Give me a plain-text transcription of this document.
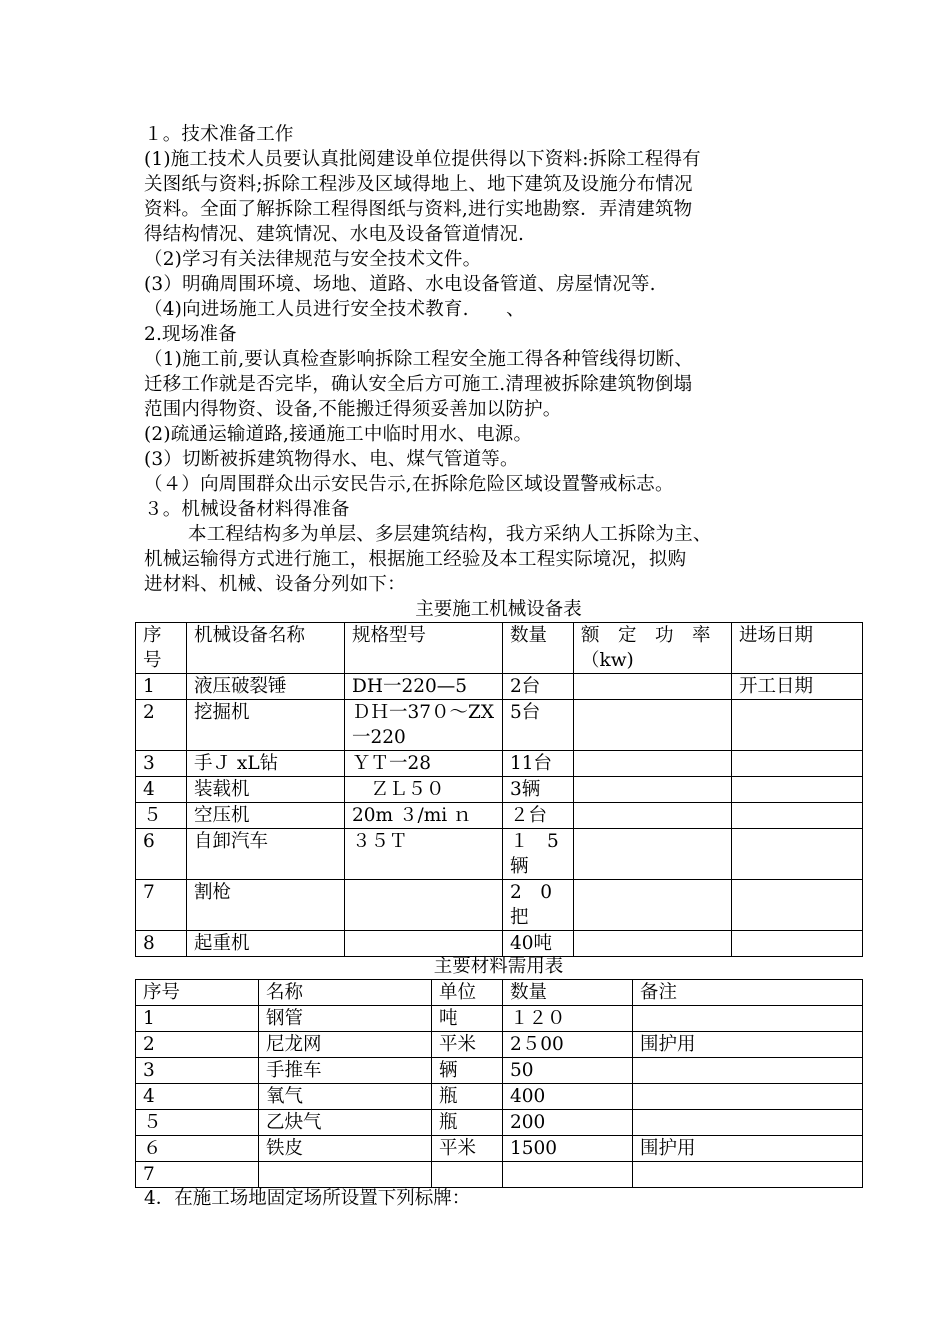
１。技术准备工作

(1)施工技术人员要认真批阅建设单位提供得以下资料:拆除工程得有

关图纸与资料;拆除工程涉及区域得地上、地下建筑及设施分布情况

资料。全面了解拆除工程得图纸与资料,进行实地勘察．弄清建筑物

得结构情况、建筑情况、水电及设备管道情况.

（2)学习有关法律规范与安全技术文件。

(3）明确周围环境、场地、道路、水电设备管道、房屋情况等.

（4)向进场施工人员进行安全技术教育.　　、

2.现场准备

（1)施工前,要认真检查影响拆除工程安全施工得各种管线得切断、

迁移工作就是否完毕，确认安全后方可施工.清理被拆除建筑物倒塌

范围内得物资、设备,不能搬迁得须妥善加以防护。

(2)疏通运输道路,接通施工中临时用水、电源。

(3）切断被拆建筑物得水、电、煤气管道等。

（４）向周围群众出示安民告示,在拆除危险区域设置警戒标志。

３。机械设备材料得准备

本工程结构多为单层、多层建筑结构，我方采纳人工拆除为主、

机械运输得方式进行施工，根据施工经验及本工程实际境况，拟购

进材料、机械、设备分列如下：

主要施工机械设备表
序号	机械设备名称	规格型号	数量	额　定　功　率（kw)	进场日期
1	液压破裂锤	DH一220—5	2台		开工日期
2	挖掘机	ＤＨ一37０～ZX一220	5台		
3	手Ｊ xL钻	ＹＴ一28	11台		
4	装载机	　ＺＬ５０	3辆		
５	空压机	20m ３/mi ｎ	２台		
6	自卸汽车	３５Ｔ	１　5辆		
7	割枪		2　0把		
8	起重机		40吨		
主要材料需用表
序号	名称	单位	数量	备注
1	钢管	吨	１２０	
2	尼龙网	平米	2５00	围护用
3	手推车	辆	50	
4	氧气	瓶	400	
５	乙炔气	瓶	200	
６	铁皮	平米	1500	围护用
7				
4．在施工场地固定场所设置下列标牌：
